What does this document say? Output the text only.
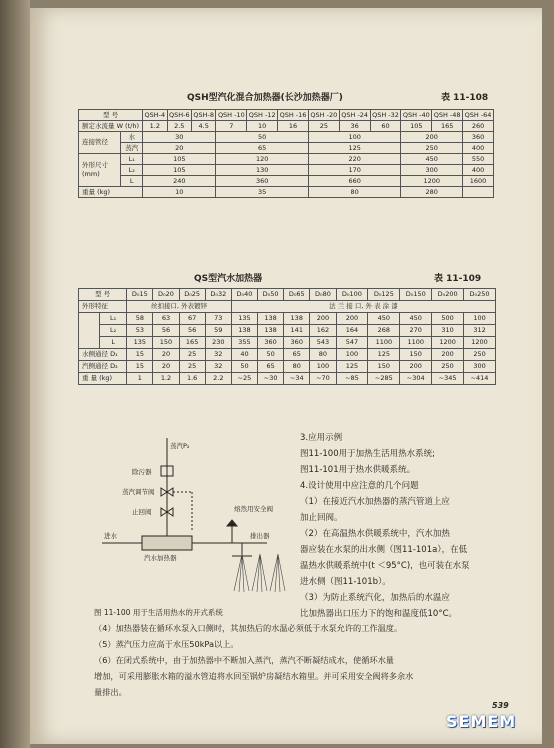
QSH型汽化混合加热器(长沙加热器厂)	表 11-108
型 号		QSH-4	QSH-6	QSH-8	QSH -10	QSH -12	QSH -16	QSH -20	QSH -24	QSH -32	QSH -40	QSH -48	QSH -64
额定水流量 W (t/h)		1.2	2.5	4.5	7	10	16	25	36	60	105	165	260
连接管径	水	30			50			100			200		360
	蒸汽	20			65			125			250		400
外形尺寸
(mm)	L₁	105			120			220			450		550
	L₂	105			130			170			300		400
	L	240			360			660			1200		1600
重量 (kg)		10			35			80			280		
QS型汽水加热器	表 11-109
型 号		D₀15	D₀20	D₀25	D₀32	D₀40	D₀50	D₀65	D₀80	D₀100	D₀125	D₀150	D₀200	D₀250
外形特征		丝扣接口, 外表镀锌				法 兰 接 口, 外 表 涂 漆								
	L₁	58	63	67	73	135	138	138	200	200	450	450	500	100
	L₂	53	56	56	59	138	138	141	162	164	268	270	310	312
	L	135	150	165	230	355	360	360	543	547	1100	1100	1200	1200
水侧通径 D₁		15	20	25	32	40	50	65	80	100	125	150	200	250
汽侧通径 D₂		15	20	25	32	50	65	80	100	125	150	200	250	300
重 量 (kg)		1	1.2	1.6	2.2	~25	~30	~34	~70	~85	~285	~304	~345	~414
蒸汽P₂
除污器
蒸汽调节阀
止回阀	熔然用安全阀
进水
汽水加热器
排出器
图 11-100 用于生活用热水的开式系统
3.应用示例
图11-100用于加热生活用热水系统;
图11-101用于热水供暖系统。
4.设计使用中应注意的几个问题
（1）在接近汽水加热器的蒸汽管道上应
加止回阀。
（2）在高温热水供暖系统中，汽水加热
器应装在水泵的出水侧（图11-101a），在低
温热水供暖系统中(t ＜95°C)，也可装在水泵
进水侧（图11-101b）。
（3）为防止系统汽化，加热后的水温应
比加热器出口压力下的饱和温度低10°C。
（4）加热器装在循环水泵入口侧时，其加热后的水温必须低于水泵允许的工作温度。
（5）蒸汽压力应高于水压50kPa以上。
（6）在闭式系统中，由于加热器中不断加入蒸汽，蒸汽不断凝结成水，使循环水量
增加，可采用膨胀水箱的溢水管追将水回至锅炉房凝结水箱里。并可采用安全阀将多余水
量排出。
539
SEMEM
